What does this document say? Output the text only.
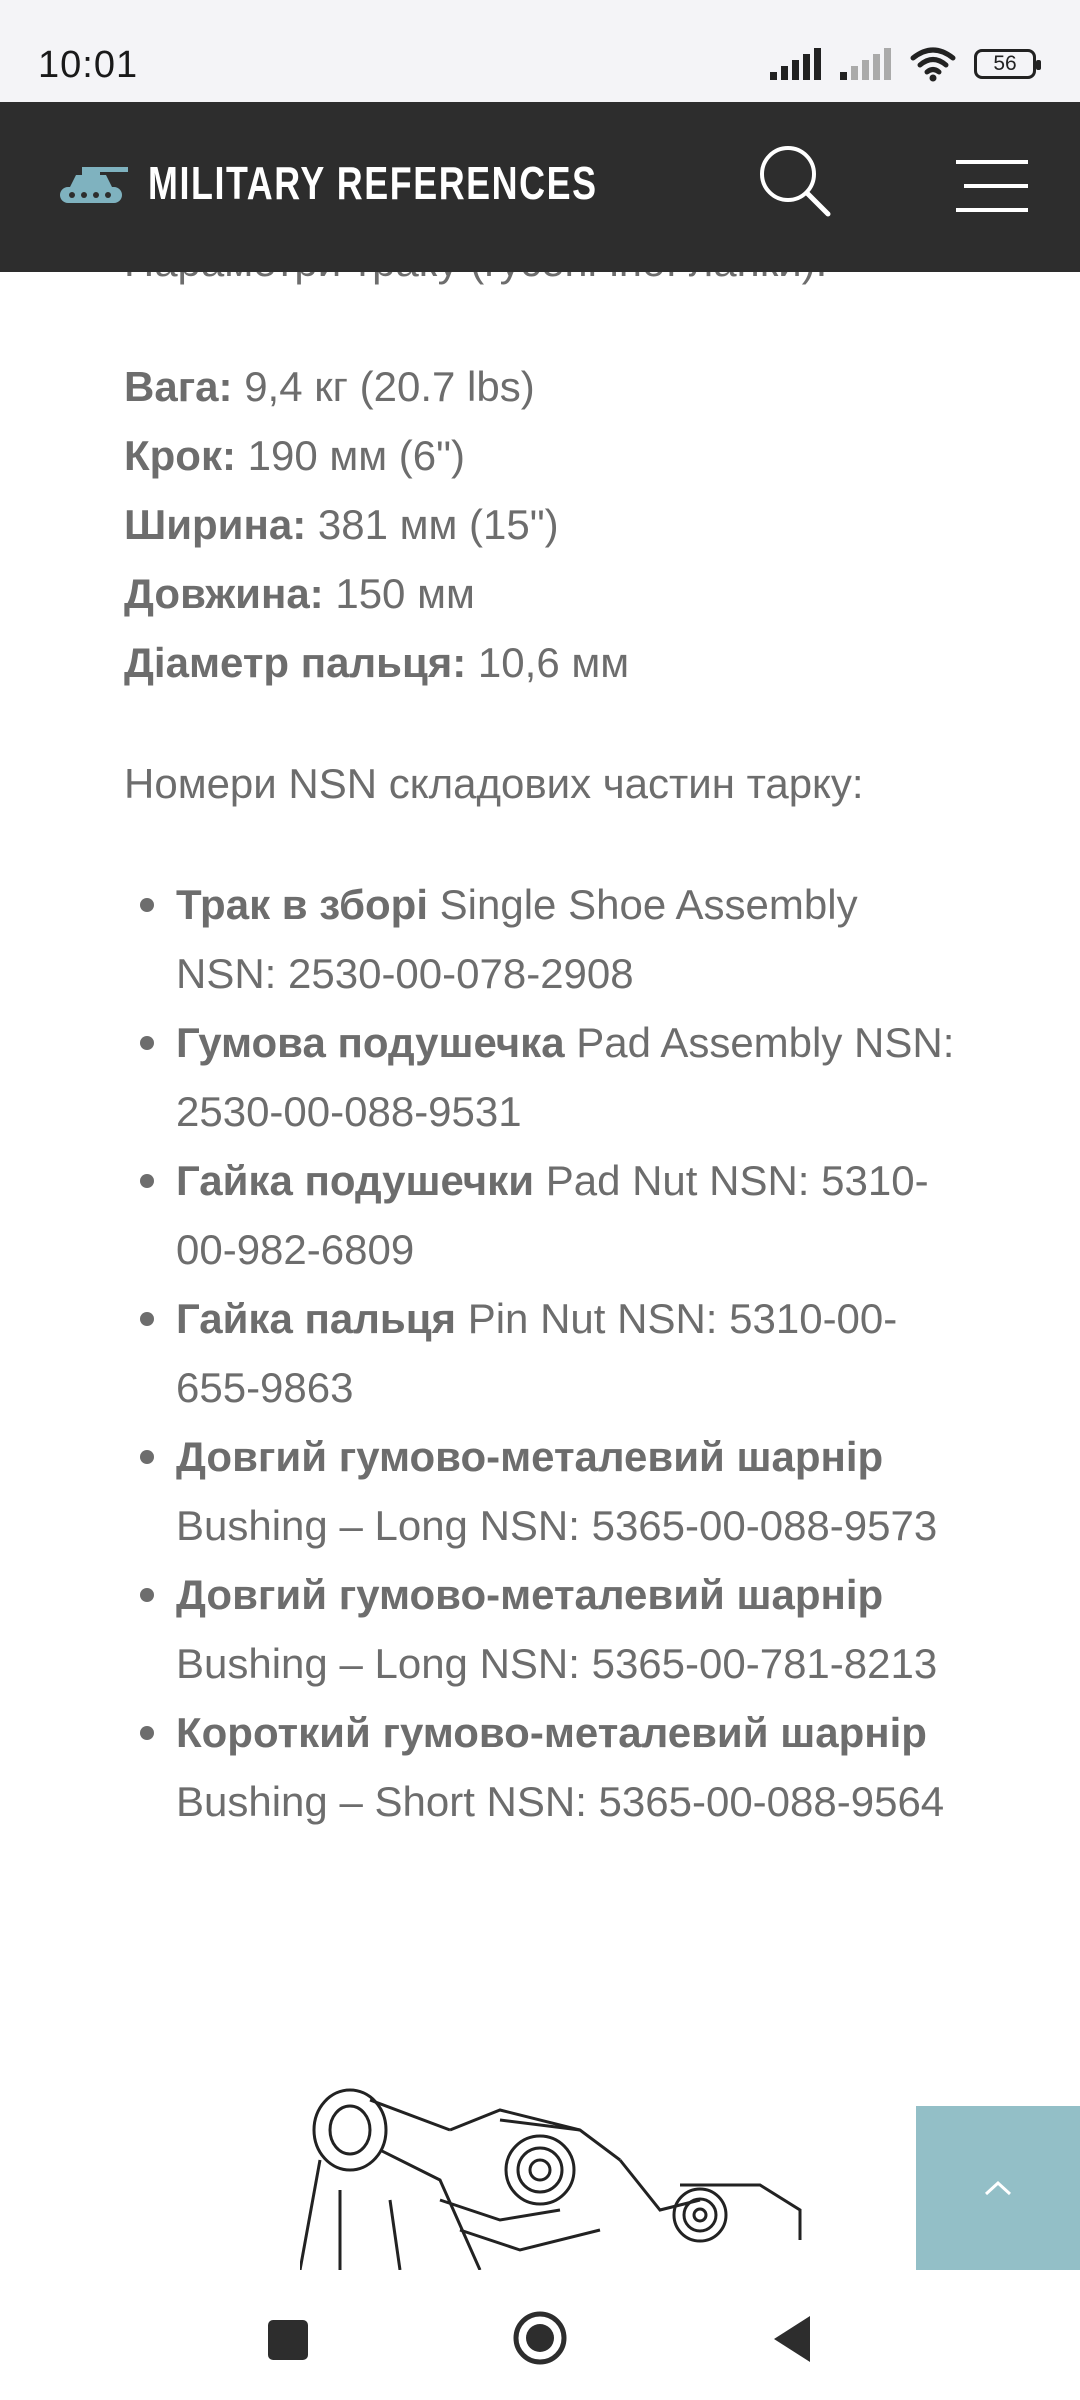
10:01	56
MILITARY REFERENCES
Вага: 9,4 кг (20.7 lbs)
Крок: 190 мм (6")
Ширина: 381 мм (15")
Довжина: 150 мм
Діаметр пальця: 10,6 мм
Номери NSN складових частин тарку:
Трак в зборі Single Shoe Assembly NSN: 2530-00-078-2908
Гумова подушечка Pad Assembly NSN: 2530-00-088-9531
Гайка подушечки Pad Nut NSN: 5310-00-982-6809
Гайка пальця Pin Nut NSN: 5310-00-655-9863
Довгий гумово-металевий шарнір Bushing – Long NSN: 5365-00-088-9573
Довгий гумово-металевий шарнір Bushing – Long NSN: 5365-00-781-8213
Короткий гумово-металевий шарнір Bushing – Short NSN: 5365-00-088-9564
